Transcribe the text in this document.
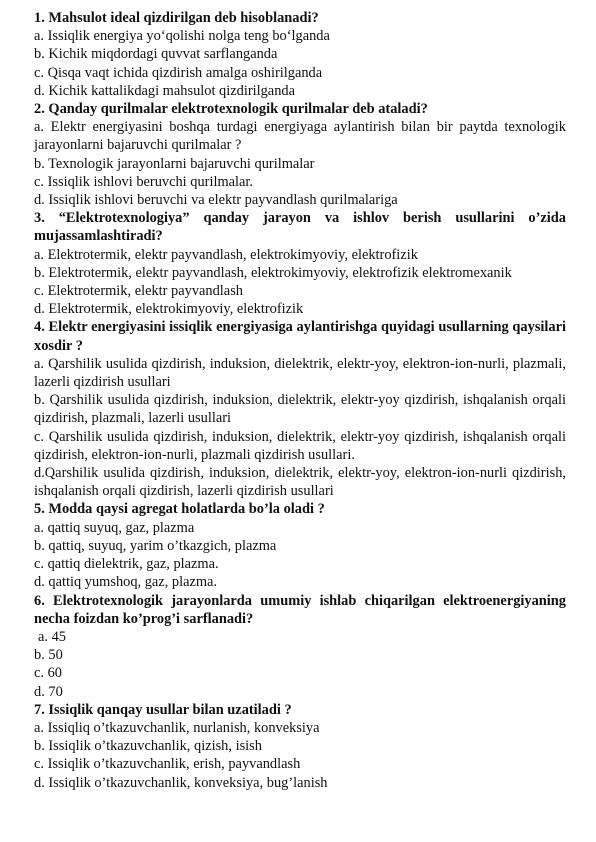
1. Mahsulot ideal qizdirilgan deb hisoblanadi?
a. Issiqlik energiya yo‘qolishi nolga teng bo‘lganda
b. Kichik miqdordagi quvvat sarflanganda
c. Qisqa vaqt ichida qizdirish amalga oshirilganda
d. Kichik kattalikdagi mahsulot qizdirilganda
2. Qanday qurilmalar elektrotexnologik qurilmalar deb ataladi?
a. Elektr energiyasini boshqa turdagi energiyaga aylantirish bilan bir paytda texnologik jarayonlarni bajaruvchi qurilmalar ?
b. Texnologik jarayonlarni bajaruvchi qurilmalar
c. Issiqlik ishlovi beruvchi qurilmalar.
d. Issiqlik ishlovi beruvchi va elektr payvandlash qurilmalariga
3. “Elektrotexnologiya” qanday jarayon va ishlov berish usullarini o’zida mujassamlashtiradi?
a. Elektrotermik, elektr payvandlash, elektrokimyoviy, elektrofizik
b. Elektrotermik, elektr payvandlash, elektrokimyoviy, elektrofizik elektromexanik
c. Elektrotermik, elektr payvandlash
d. Elektrotermik, elektrokimyoviy, elektrofizik
4. Elektr energiyasini issiqlik energiyasiga aylantirishga quyidagi usullarning qaysilari xosdir ?
a. Qarshilik usulida qizdirish, induksion, dielektrik, elektr-yoy, elektron-ion-nurli, plazmali, lazerli qizdirish usullari
b. Qarshilik usulida qizdirish, induksion, dielektrik, elektr-yoy qizdirish, ishqalanish orqali qizdirish, plazmali, lazerli usullari
c. Qarshilik usulida qizdirish, induksion, dielektrik, elektr-yoy qizdirish, ishqalanish orqali qizdirish, elektron-ion-nurli, plazmali qizdirish usullari.
d.Qarshilik usulida qizdirish, induksion, dielektrik, elektr-yoy, elektron-ion-nurli qizdirish, ishqalanish orqali qizdirish, lazerli qizdirish usullari
5. Modda qaysi agregat holatlarda bo’la oladi ?
a. qattiq suyuq, gaz, plazma
b. qattiq, suyuq, yarim o’tkazgich, plazma
c. qattiq dielektrik, gaz, plazma.
d. qattiq yumshoq, gaz, plazma.
6. Elektrotexnologik jarayonlarda umumiy ishlab chiqarilgan elektroenergiyaning necha foizdan ko’prog’i sarflanadi?
a. 45
b. 50
c. 60
d. 70
7. Issiqlik qanqay usullar bilan uzatiladi ?
a. Issiqliq o’tkazuvchanlik, nurlanish, konveksiya
b. Issiqlik o’tkazuvchanlik, qizish, isish
c. Issiqlik o’tkazuvchanlik, erish, payvandlash
d. Issiqlik o’tkazuvchanlik, konveksiya, bug’lanish
